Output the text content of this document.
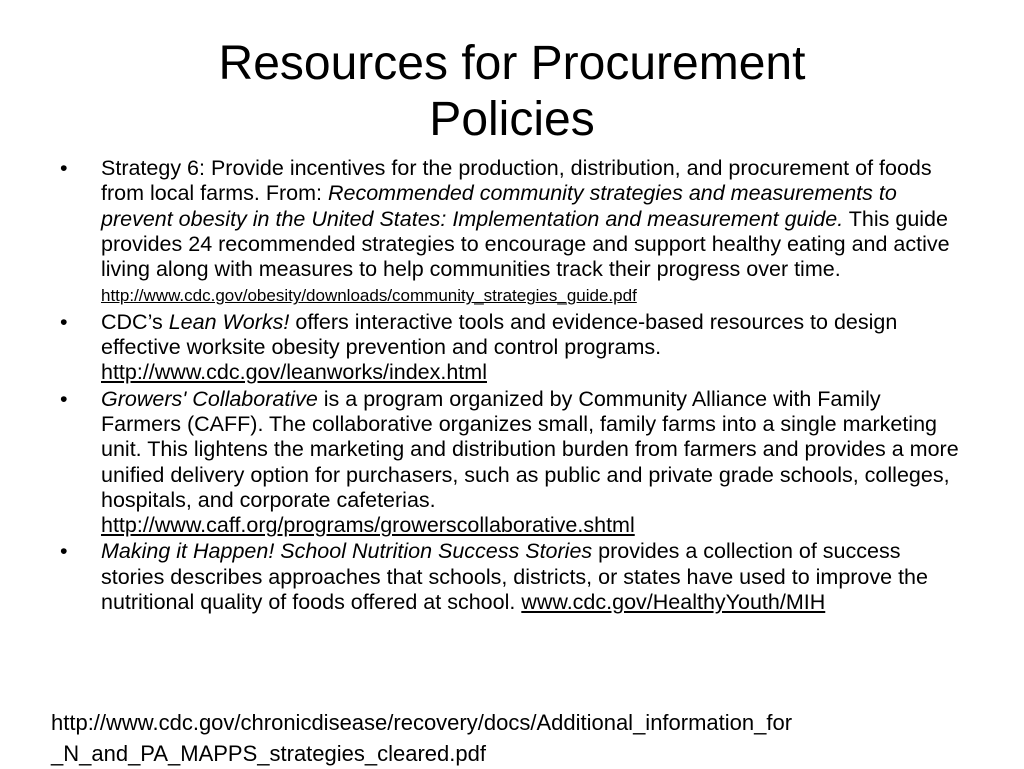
Resources for Procurement
Policies
• Strategy 6: Provide incentives for the production, distribution, and procurement of foods from local farms. From: Recommended community strategies and measurements to prevent obesity in the United States: Implementation and measurement guide. This guide provides 24 recommended strategies to encourage and support healthy eating and active living along with measures to help communities track their progress over time. http://www.cdc.gov/obesity/downloads/community_strategies_guide.pdf
• CDC’s Lean Works! offers interactive tools and evidence-based resources to design effective worksite obesity prevention and control programs. http://www.cdc.gov/leanworks/index.html
• Growers' Collaborative is a program organized by Community Alliance with Family Farmers (CAFF). The collaborative organizes small, family farms into a single marketing unit. This lightens the marketing and distribution burden from farmers and provides a more unified delivery option for purchasers, such as public and private grade schools, colleges, hospitals, and corporate cafeterias. http://www.caff.org/programs/growerscollaborative.shtml
• Making it Happen! School Nutrition Success Stories provides a collection of success stories describes approaches that schools, districts, or states have used to improve the nutritional quality of foods offered at school. www.cdc.gov/HealthyYouth/MIH
http://www.cdc.gov/chronicdisease/recovery/docs/Additional_information_for
_N_and_PA_MAPPS_strategies_cleared.pdf
